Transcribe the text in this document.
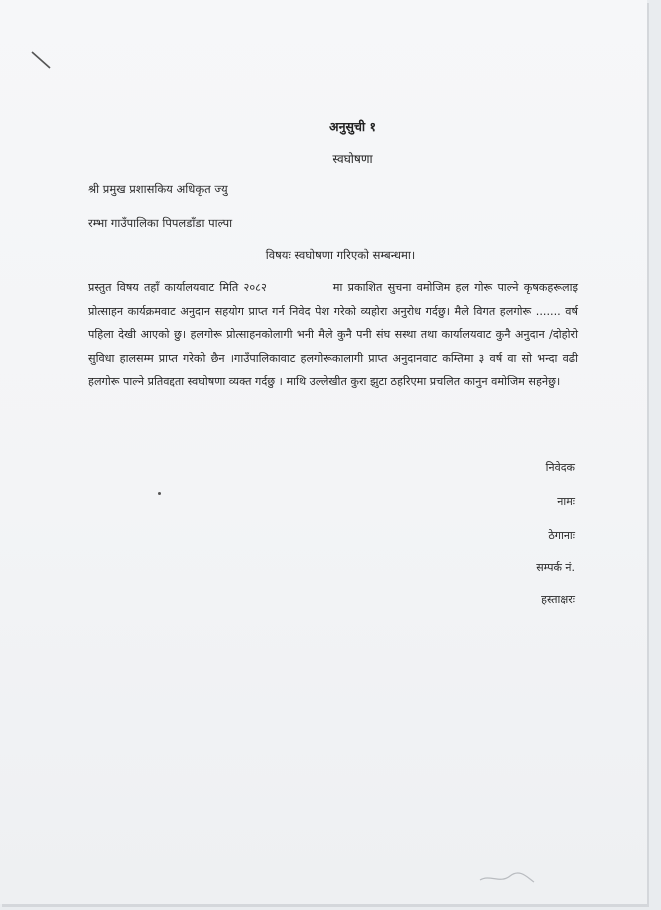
अनुसुची १
स्वघोषणा
श्री प्रमुख प्रशासकिय अधिकृत ज्यु
रम्भा गाउँपालिका पिपलडाँडा पाल्पा
विषयः स्वघोषणा गरिएको सम्बन्धमा।
प्रस्तुत विषय तहाँ कार्यालयवाट मिति २०८२	मा प्रकाशित सुचना वमोजिम हल गोरू पाल्ने कृषकहरूलाइ प्रोत्साहन कार्यक्रमवाट अनुदान सहयोग प्राप्त गर्न निवेद पेश गरेको व्यहोरा अनुरोध गर्दछु। मैले विगत हलगोरू ....... वर्ष पहिला देखी आएको छु। हलगोरू प्रोत्साहनकोलागी भनी मैले कुनै पनी संघ सस्था तथा कार्यालयवाट कुनै अनुदान /दोहोरो सुविधा हालसम्म प्राप्त गरेको छैन ।गाउँपालिकावाट हलगोरूकालागी प्राप्त अनुदानवाट कम्तिमा ३ वर्ष वा सो भन्दा वढी हलगोरू पाल्ने प्रतिवद्दता स्वघोषणा व्यक्त गर्दछु । माथि उल्लेखीत कुरा झुटा ठहरिएमा प्रचलित कानुन वमोजिम सहनेछु।
निवेदक
नामः
ठेगानाः
सम्पर्क नं.
हस्ताक्षरः
